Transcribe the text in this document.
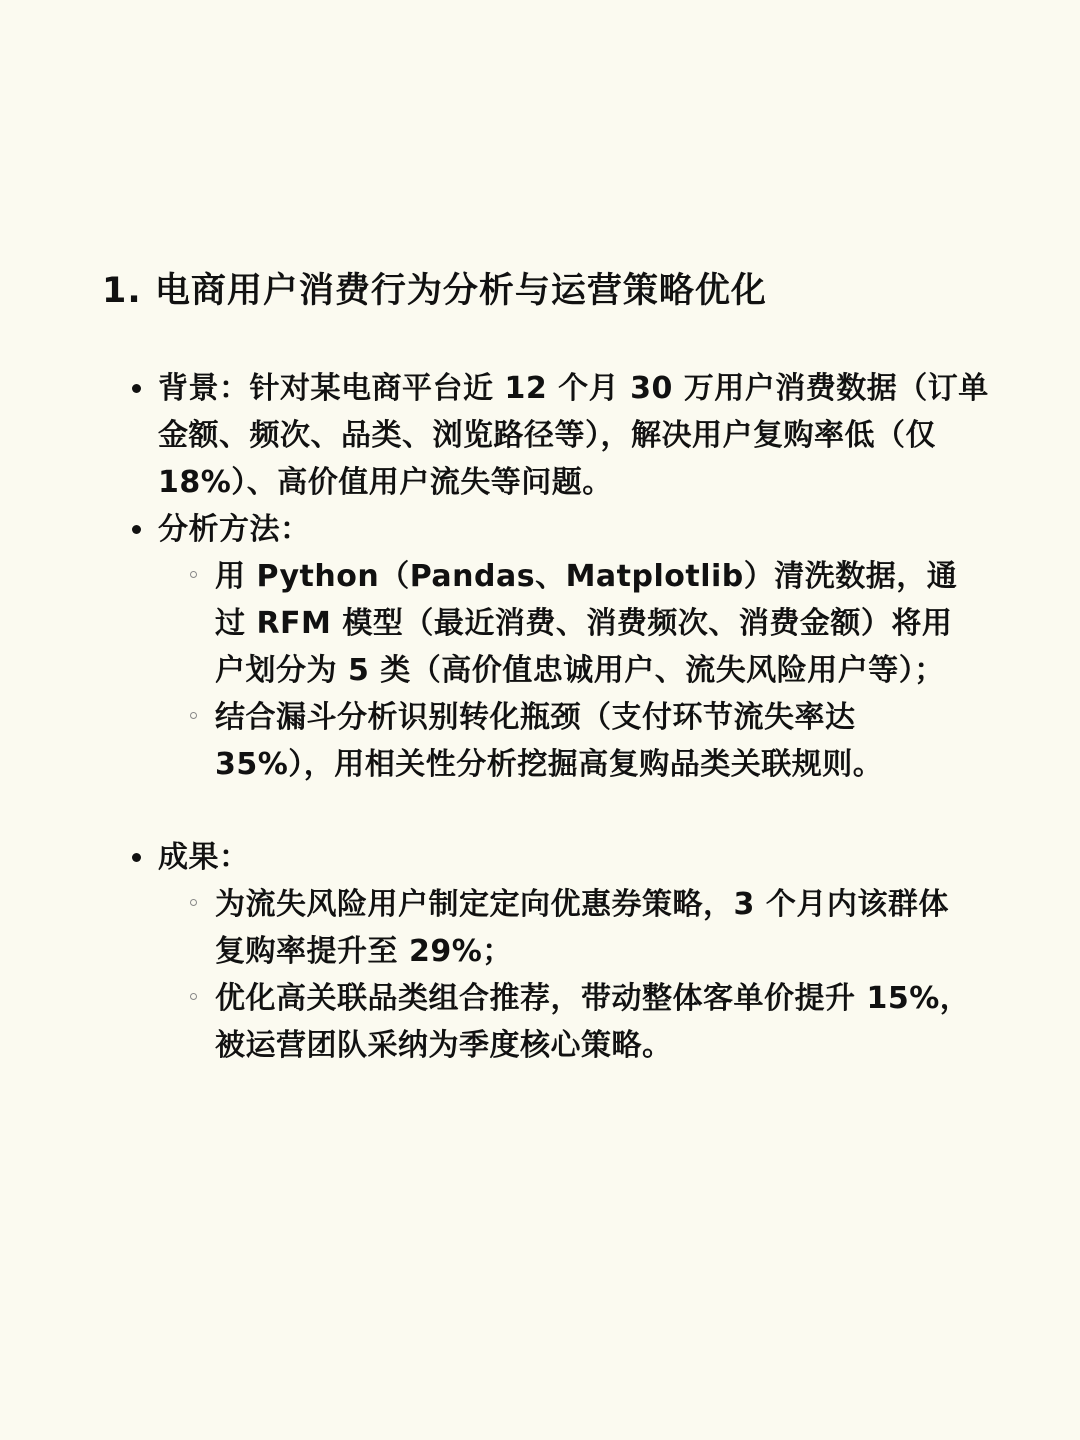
1. 电商用户消费行为分析与运营策略优化
背景：针对某电商平台近 12 个月 30 万用户消费数据（订单金额、频次、品类、浏览路径等），解决用户复购率低（仅 18%）、高价值用户流失等问题。
分析方法：
用 Python（Pandas、Matplotlib）清洗数据，通过 RFM 模型（最近消费、消费频次、消费金额）将用户划分为 5 类（高价值忠诚用户、流失风险用户等）；
结合漏斗分析识别转化瓶颈（支付环节流失率达 35%），用相关性分析挖掘高复购品类关联规则。
成果：
为流失风险用户制定定向优惠券策略，3 个月内该群体复购率提升至 29%；
优化高关联品类组合推荐，带动整体客单价提升 15%，被运营团队采纳为季度核心策略。
